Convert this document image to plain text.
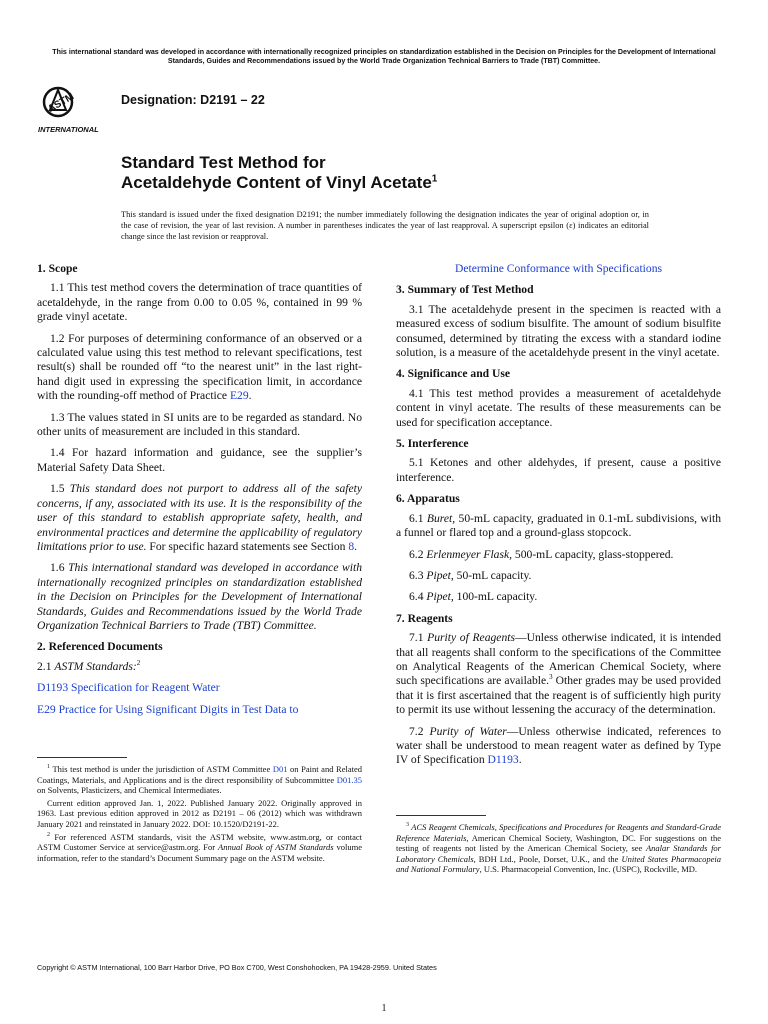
This international standard was developed in accordance with internationally recognized principles on standardization established in the Decision on Principles for the Development of International Standards, Guides and Recommendations issued by the World Trade Organization Technical Barriers to Trade (TBT) Committee.
ASTM
INTERNATIONAL
Designation: D2191 – 22
Standard Test Method for
Acetaldehyde Content of Vinyl Acetate$^1$
This standard is issued under the fixed designation D2191; the number immediately following the designation indicates the year of original adoption or, in the case of revision, the year of last revision. A number in parentheses indicates the year of last reapproval. A superscript epsilon (ε) indicates an editorial change since the last revision or reapproval.
1. Scope

1.1 This test method covers the determination of trace quantities of acetaldehyde, in the range from 0.00 to 0.05 %, contained in 99 % grade vinyl acetate.

1.2 For purposes of determining conformance of an observed or a calculated value using this test method to relevant specifications, test result(s) shall be rounded off “to the nearest unit” in the last right-hand digit used in expressing the specification limit, in accordance with the rounding-off method of Practice E29.

1.3 The values stated in SI units are to be regarded as standard. No other units of measurement are included in this standard.

1.4 For hazard information and guidance, see the supplier’s Material Safety Data Sheet.

1.5 This standard does not purport to address all of the safety concerns, if any, associated with its use. It is the responsibility of the user of this standard to establish appropriate safety, health, and environmental practices and determine the applicability of regulatory limitations prior to use. For specific hazard statements see Section 8.

1.6 This international standard was developed in accordance with internationally recognized principles on standardization established in the Decision on Principles for the Development of International Standards, Guides and Recommendations issued by the World Trade Organization Technical Barriers to Trade (TBT) Committee.

2. Referenced Documents

2.1 ASTM Standards:$^2$

D1193 Specification for Reagent Water

E29 Practice for Using Significant Digits in Test Data to

$^1$ This test method is under the jurisdiction of ASTM Committee D01 on Paint and Related Coatings, Materials, and Applications and is the direct responsibility of Subcommittee D01.35 on Solvents, Plasticizers, and Chemical Intermediates.

Current edition approved Jan. 1, 2022. Published January 2022. Originally approved in 1963. Last previous edition approved in 2012 as D2191 – 06 (2012) which was withdrawn January 2021 and reinstated in January 2022. DOI: 10.1520/D2191-22.

$^2$ For referenced ASTM standards, visit the ASTM website, www.astm.org, or contact ASTM Customer Service at service@astm.org. For Annual Book of ASTM Standards volume information, refer to the standard’s Document Summary page on the ASTM website.

Determine Conformance with Specifications

3. Summary of Test Method

3.1 The acetaldehyde present in the specimen is reacted with a measured excess of sodium bisulfite. The amount of sodium bisulfite consumed, determined by titrating the excess with a standard iodine solution, is a measure of the acetaldehyde present in the vinyl acetate.

4. Significance and Use

4.1 This test method provides a measurement of acetaldehyde content in vinyl acetate. The results of these measurements can be used for specification acceptance.

5. Interference

5.1 Ketones and other aldehydes, if present, cause a positive interference.

6. Apparatus

6.1 Buret, 50-mL capacity, graduated in 0.1-mL subdivisions, with a funnel or flared top and a ground-glass stopcock.

6.2 Erlenmeyer Flask, 500-mL capacity, glass-stoppered.

6.3 Pipet, 50-mL capacity.

6.4 Pipet, 100-mL capacity.

7. Reagents

7.1 Purity of Reagents—Unless otherwise indicated, it is intended that all reagents shall conform to the specifications of the Committee on Analytical Reagents of the American Chemical Society, where such specifications are available.$^3$ Other grades may be used provided that it is first ascertained that the reagent is of sufficiently high purity to permit its use without lessening the accuracy of the determination.

7.2 Purity of Water—Unless otherwise indicated, references to water shall be understood to mean reagent water as defined by Type IV of Specification D1193.

$^3$ ACS Reagent Chemicals, Specifications and Procedures for Reagents and Standard-Grade Reference Materials, American Chemical Society, Washington, DC. For suggestions on the testing of reagents not listed by the American Chemical Society, see Analar Standards for Laboratory Chemicals, BDH Ltd., Poole, Dorset, U.K., and the United States Pharmacopeia and National Formulary, U.S. Pharmacopeial Convention, Inc. (USPC), Rockville, MD.

Copyright © ASTM International, 100 Barr Harbor Drive, PO Box C700, West Conshohocken, PA 19428-2959. United States
1
